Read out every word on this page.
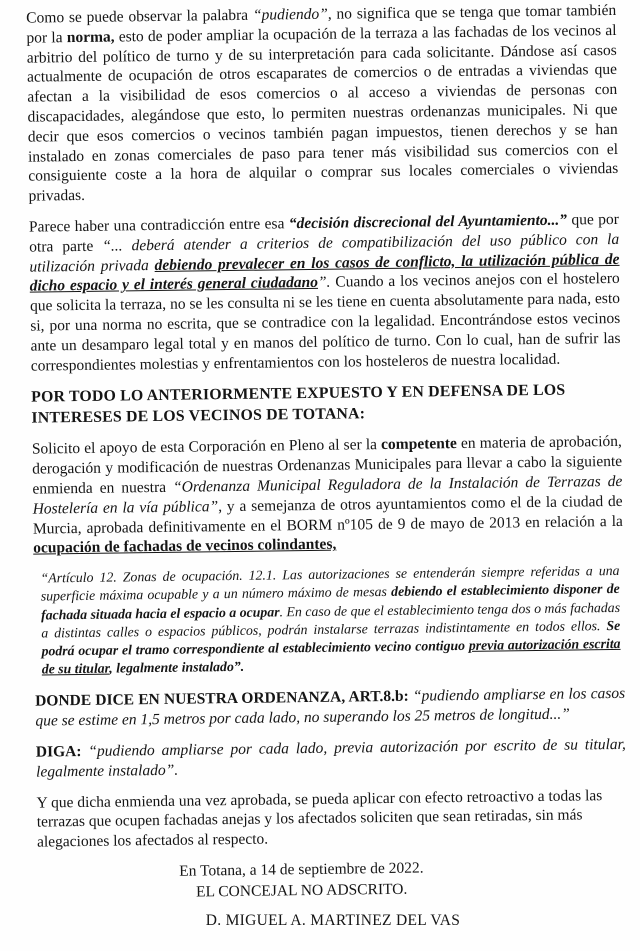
Como se puede observar la palabra “pudiendo”, no significa que se tenga que tomar también por la norma, esto de poder ampliar la ocupación de la terraza a las fachadas de los vecinos al arbitrio del político de turno y de su interpretación para cada solicitante. Dándose así casos actualmente de ocupación de otros escaparates de comercios o de entradas a viviendas que afectan a la visibilidad de esos comercios o al acceso a viviendas de personas con discapacidades, alegándose que esto, lo permiten nuestras ordenanzas municipales. Ni que decir que esos comercios o vecinos también pagan impuestos, tienen derechos y se han instalado en zonas comerciales de paso para tener más visibilidad sus comercios con el consiguiente coste a la hora de alquilar o comprar sus locales comerciales o viviendas privadas.

Parece haber una contradicción entre esa “decisión discrecional del Ayuntamiento...” que por otra parte “... deberá atender a criterios de compatibilización del uso público con la utilización privada debiendo prevalecer en los casos de conflicto, la utilización pública de dicho espacio y el interés general ciudadano”. Cuando a los vecinos anejos con el hostelero que solicita la terraza, no se les consulta ni se les tiene en cuenta absolutamente para nada, esto si, por una norma no escrita, que se contradice con la legalidad. Encontrándose estos vecinos ante un desamparo legal total y en manos del político de turno. Con lo cual, han de sufrir las correspondientes molestias y enfrentamientos con los hosteleros de nuestra localidad.

POR TODO LO ANTERIORMENTE EXPUESTO Y EN DEFENSA DE LOS INTERESES DE LOS VECINOS DE TOTANA:

Solicito el apoyo de esta Corporación en Pleno al ser la competente en materia de aprobación, derogación y modificación de nuestras Ordenanzas Municipales para llevar a cabo la siguiente enmienda en nuestra “Ordenanza Municipal Reguladora de la Instalación de Terrazas de Hostelería en la vía pública”, y a semejanza de otros ayuntamientos como el de la ciudad de Murcia, aprobada definitivamente en el BORM nº105 de 9 de mayo de 2013 en relación a la ocupación de fachadas de vecinos colindantes,

“Artículo 12. Zonas de ocupación. 12.1. Las autorizaciones se entenderán siempre referidas a una superficie máxima ocupable y a un número máximo de mesas debiendo el establecimiento disponer de fachada situada hacia el espacio a ocupar. En caso de que el establecimiento tenga dos o más fachadas a distintas calles o espacios públicos, podrán instalarse terrazas indistintamente en todos ellos. Se podrá ocupar el tramo correspondiente al establecimiento vecino contiguo previa autorización escrita de su titular, legalmente instalado”.

DONDE DICE EN NUESTRA ORDENANZA, ART.8.b: “pudiendo ampliarse en los casos que se estime en 1,5 metros por cada lado, no superando los 25 metros de longitud...”

DIGA: “pudiendo ampliarse por cada lado, previa autorización por escrito de su titular, legalmente instalado”.

Y que dicha enmienda una vez aprobada, se pueda aplicar con efecto retroactivo a todas las terrazas que ocupen fachadas anejas y los afectados soliciten que sean retiradas, sin más alegaciones los afectados al respecto.

En Totana, a 14 de septiembre de 2022.
EL CONCEJAL NO ADSCRITO.
D. MIGUEL A. MARTINEZ DEL VAS
